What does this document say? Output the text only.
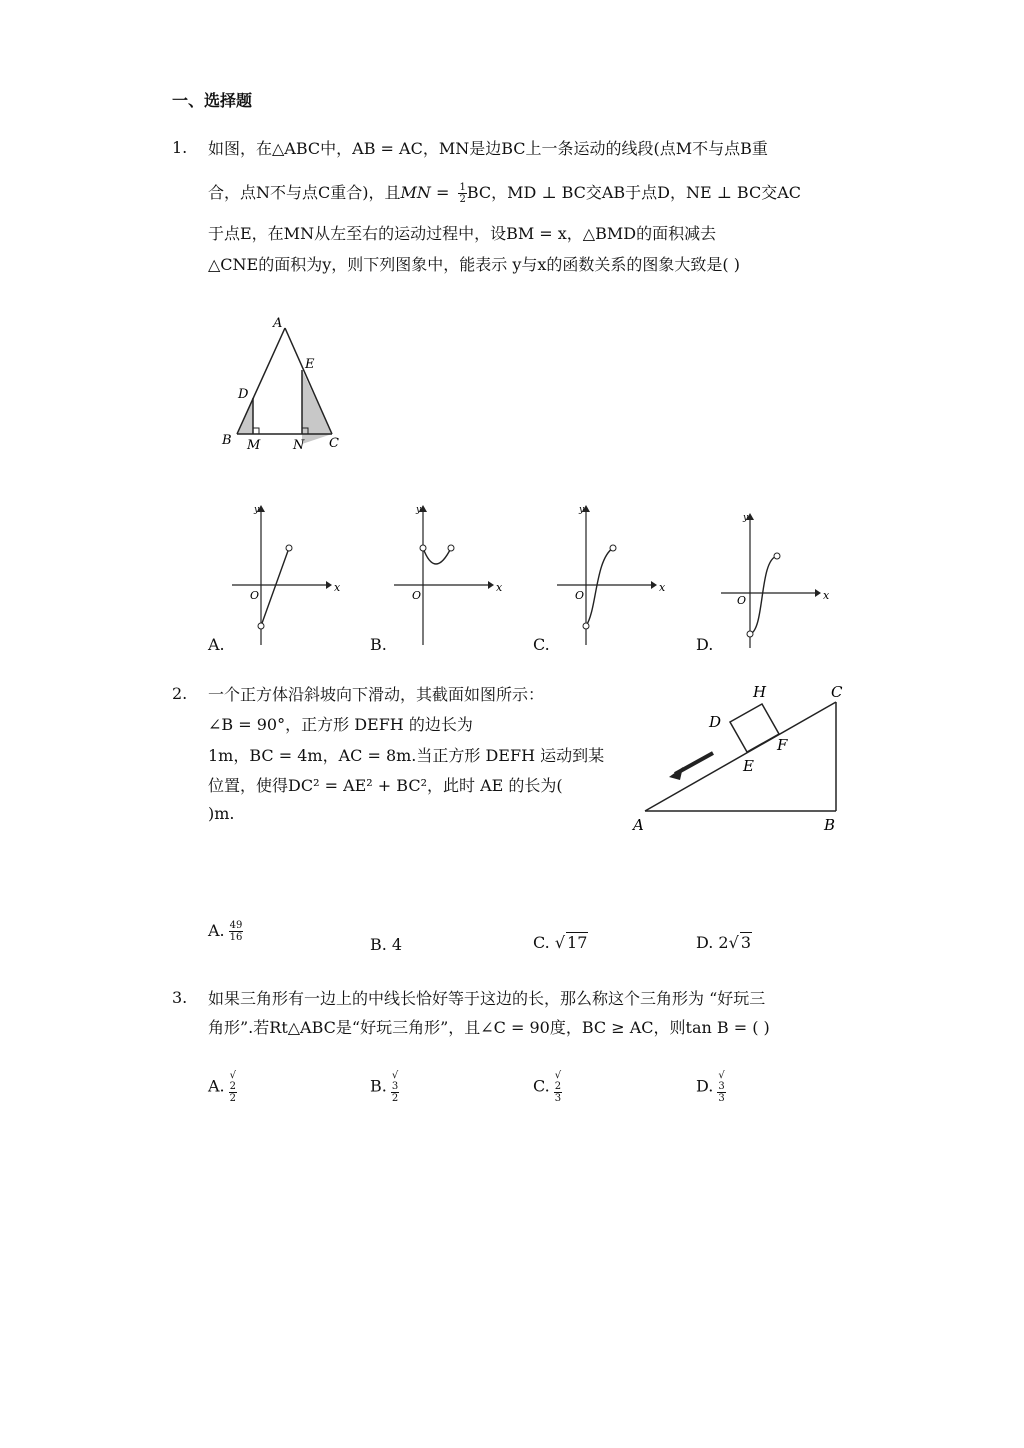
一、选择题
1. 如图，在△ABC中，AB = AC，MN是边BC上一条运动的线段(点M不与点B重
合，点N不与点C重合)，且MN = $\frac{1}{2}$ BC，MD ⊥ BC交AB于点D，NE ⊥ BC交AC
于点E，在MN从左至右的运动过程中，设BM = x，△BMD的面积减去
△CNE的面积为y，则下列图象中，能表示 y与x的函数关系的图象大致是( )
A
E
D
B M	N C
x
y
O
A.
x
y
O
B.
x
y
O
C.
x
y
O
D.
2. 一个正方体沿斜坡向下滑动，其截面如图所示：
∠B = 90°，正方形 DEFH 的边长为
1m，BC = 4m，AC = 8m.当正方形 DEFH 运动到某
位置，使得DC² = AE² + BC²，此时 AE 的长为(
)m.
H	C
D
F
E
A	B
A. $\frac{49}{16}$
B. 4	C. √ 17	D. 2√ 3
3. 如果三角形有一边上的中线长恰好等于这边的长，那么称这个三角形为 “好玩三
角形”.若Rt△ABC是“好玩三角形”，且∠C = 90度，BC ≥ AC，则tan B = ( )
A. √
2
2	B. √
3
2	C. √
2
3	D. √
3
3
